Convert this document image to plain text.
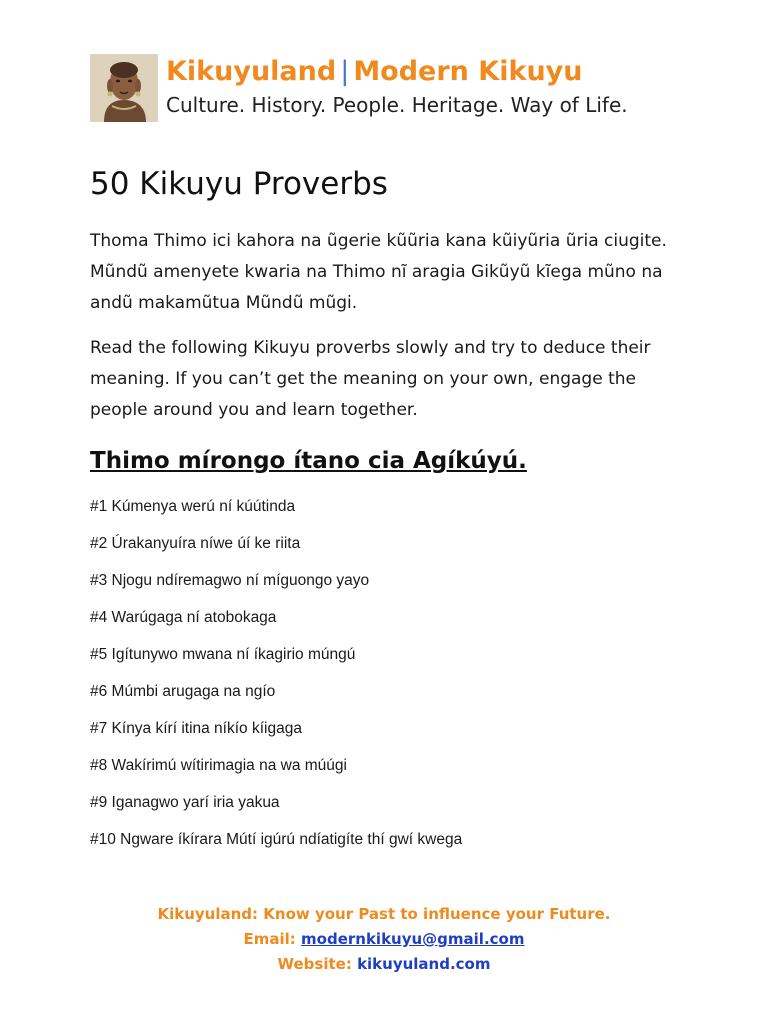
Kikuyuland | Modern Kikuyu
Culture. History. People. Heritage. Way of Life.
50 Kikuyu Proverbs

Thoma Thimo ici kahora na ũgerie kũũria kana kũiyũria ũria ciugite. Mũndũ amenyete kwaria na Thimo nĩ aragia Gikũyũ kĩega mũno na andũ makamũtua Mũndũ mũgi.

Read the following Kikuyu proverbs slowly and try to deduce their meaning. If you can’t get the meaning on your own, engage the people around you and learn together.

Thimo mírongo ítano cia Agíkúyú.
#1 Kúmenya werú ní kúútinda
#2 Úrakanyuíra níwe úí ke riita
#3 Njogu ndíremagwo ní míguongo yayo
#4 Warúgaga ní atobokaga
#5 Igítunywo mwana ní íkagirio múngú
#6 Múmbi arugaga na ngío
#7 Kínya kírí itina níkío kíigaga
#8 Wakírimú wítirimagia na wa múúgi
#9 Iganagwo yarí iria yakua
#10 Ngware íkírara Mútí igúrú ndíatigíte thí gwí kwega
Kikuyuland: Know your Past to influence your Future.
Email: modernkikuyu@gmail.com
Website: kikuyuland.com
